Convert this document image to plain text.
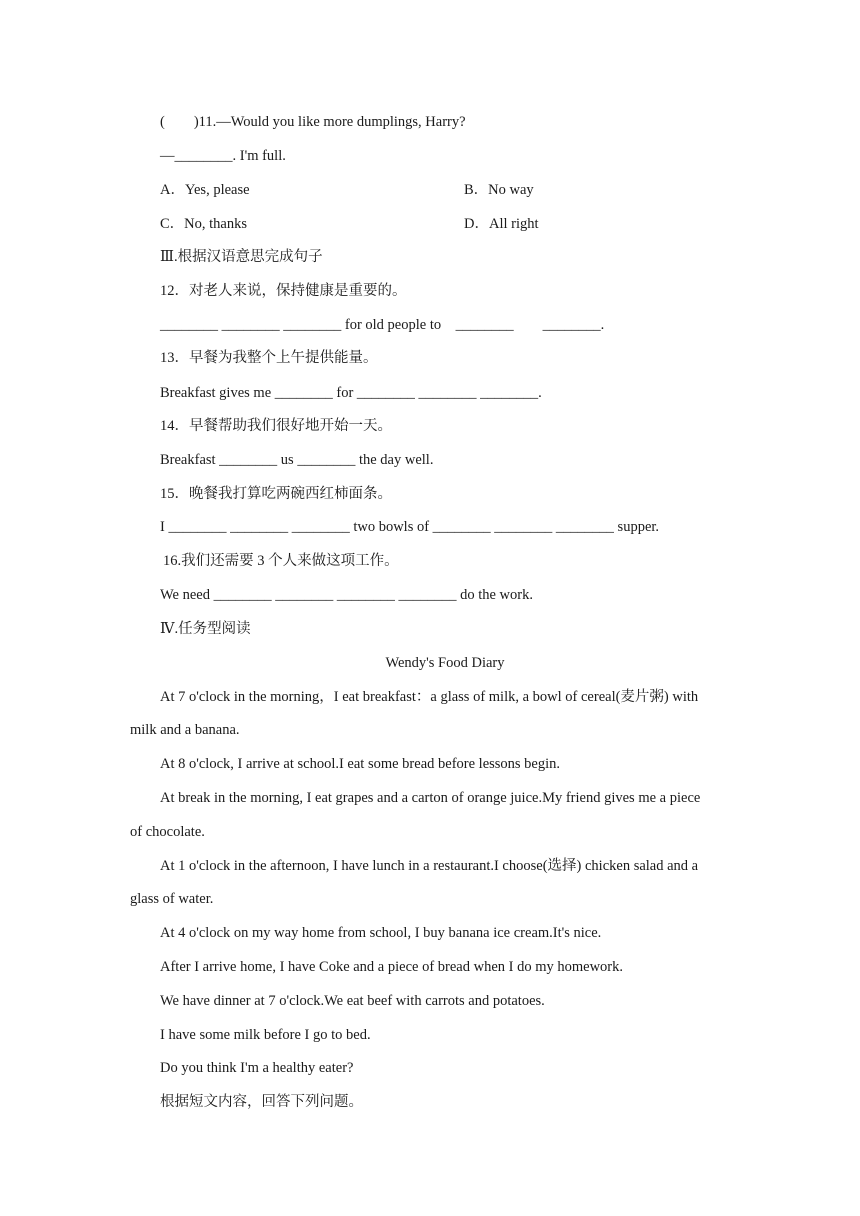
(  )11.—Would you like more dumplings, Harry?
—________. I'm full.
A．Yes, please	B．No way
C．No, thanks	D．All right
Ⅲ.根据汉语意思完成句子
12．对老人来说，保持健康是重要的。
________ ________ ________ for old people to ________  ________.
13．早餐为我整个上午提供能量。
Breakfast gives me ________ for ________ ________ ________.
14．早餐帮助我们很好地开始一天。
Breakfast ________ us ________ the day well.
15．晚餐我打算吃两碗西红柿面条。
I ________ ________ ________ two bowls of ________ ________ ________ supper.
16.我们还需要 3 个人来做这项工作。
We need ________ ________ ________ ________ do the work.
Ⅳ.任务型阅读
Wendy's Food Diary
At 7 o'clock in the morning，I eat breakfast：a glass of milk, a bowl of cereal(麦片粥) with
milk and a banana.
At 8 o'clock, I arrive at school.I eat some bread before lessons begin.
At break in the morning, I eat grapes and a carton of orange juice.My friend gives me a piece
of chocolate.
At 1 o'clock in the afternoon, I have lunch in a restaurant.I choose(选择) chicken salad and a
glass of water.
At 4 o'clock on my way home from school, I buy banana ice cream.It's nice.
After I arrive home, I have Coke and a piece of bread when I do my homework.
We have dinner at 7 o'clock.We eat beef with carrots and potatoes.
I have some milk before I go to bed.
Do you think I'm a healthy eater?
根据短文内容，回答下列问题。
